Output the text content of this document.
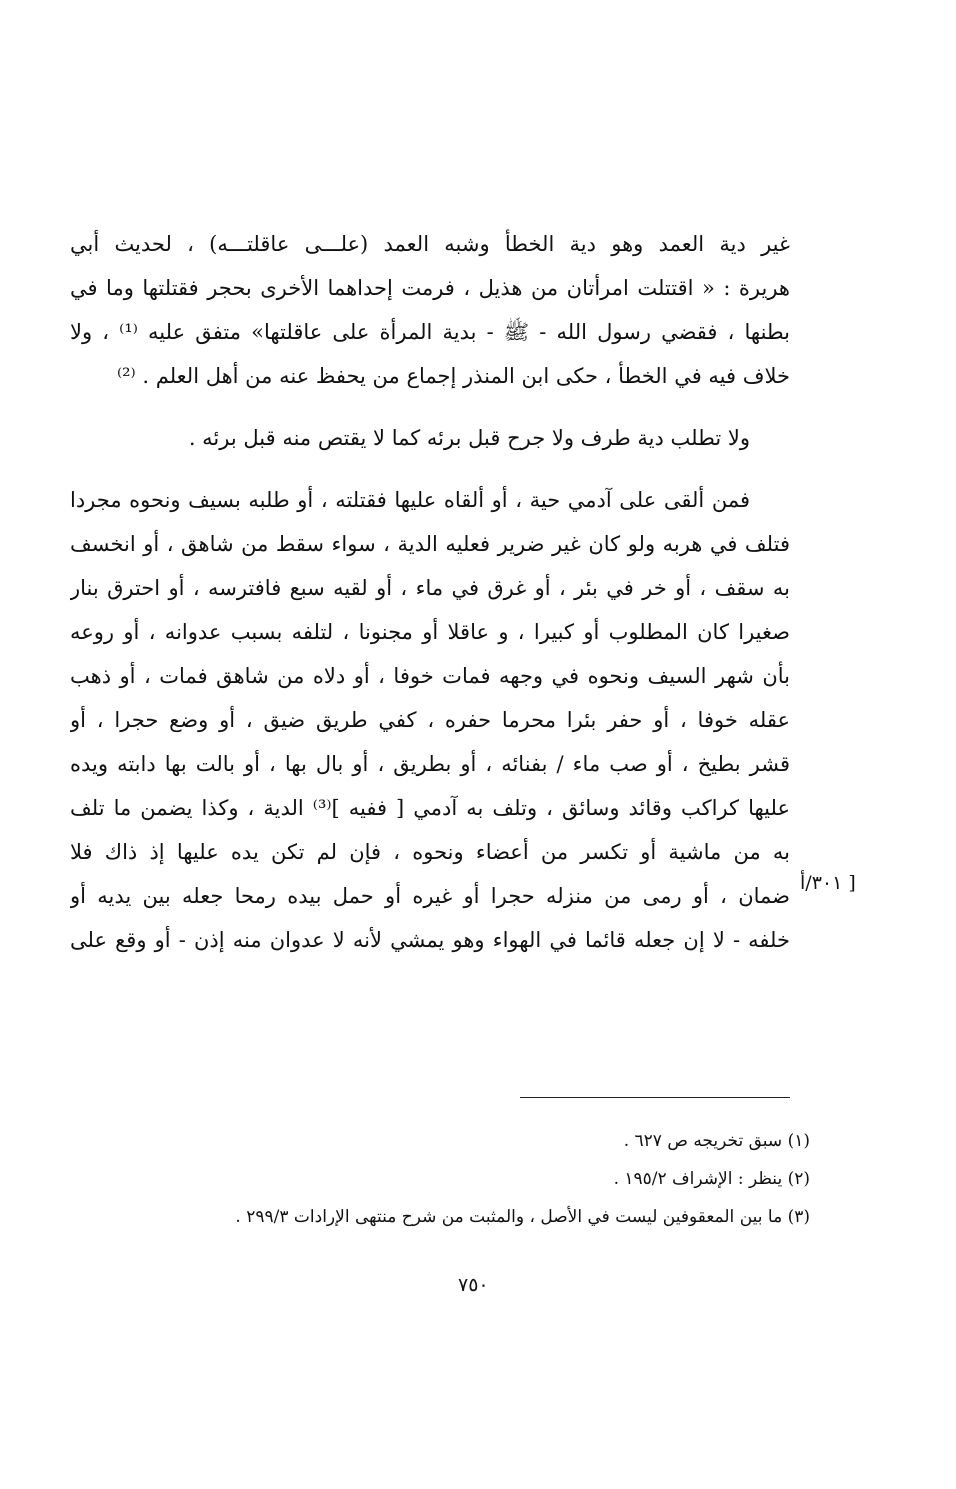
غير دية العمد وهو دية الخطأ وشبه العمد (علـــى عاقلتـــه) ، لحديث أبي
هريرة : « اقتتلت امرأتان من هذيل ، فرمت إحداهما الأخرى بحجر فقتلتها وما في
بطنها ، فقضي رسول الله - ﷺ - بدية المرأة على عاقلتها» متفق عليه ⁽¹⁾ ، ولا
خلاف فيه في الخطأ ، حكى ابن المنذر إجماع من يحفظ عنه من أهل العلم . ⁽²⁾
ولا تطلب دية طرف ولا جرح قبل برئه كما لا يقتص منه قبل برئه .
فمن ألقى على آدمي حية ، أو ألقاه عليها فقتلته ، أو طلبه بسيف ونحوه مجردا
فتلف في هربه ولو كان غير ضرير فعليه الدية ، سواء سقط من شاهق ، أو انخسف
به سقف ، أو خر في بئر ، أو غرق في ماء ، أو لقيه سبع فافترسه ، أو احترق بنار
صغيرا كان المطلوب أو كبيرا ، و عاقلا أو مجنونا ، لتلفه بسبب عدوانه ، أو روعه
بأن شهر السيف ونحوه في وجهه فمات خوفا ، أو دلاه من شاهق فمات ، أو ذهب
عقله خوفا ، أو حفر بئرا محرما حفره ، كفي طريق ضيق ، أو وضع حجرا ، أو
قشر بطيخ ، أو صب ماء / بفنائه ، أو بطريق ، أو بال بها ، أو بالت بها دابته ويده
عليها كراكب وقائد وسائق ، وتلف به آدمي [ ففيه ]⁽³⁾ الدية ، وكذا يضمن ما تلف
به من ماشية أو تكسر من أعضاء ونحوه ، فإن لم تكن يده عليها إذ ذاك فلا
ضمان ، أو رمى من منزله حجرا أو غيره أو حمل بيده رمحا جعله بين يديه أو
خلفه - لا إن جعله قائما في الهواء وهو يمشي لأنه لا عدوان منه إذن - أو وقع على
[ ٣٠١/أ
(١) سبق تخريجه ص ٦٢٧ .
(٢) ينظر : الإشراف ١٩٥/٢ .
(٣) ما بين المعقوفين ليست في الأصل ، والمثبت من شرح منتهى الإرادات ٢٩٩/٣ .
٧٥٠
